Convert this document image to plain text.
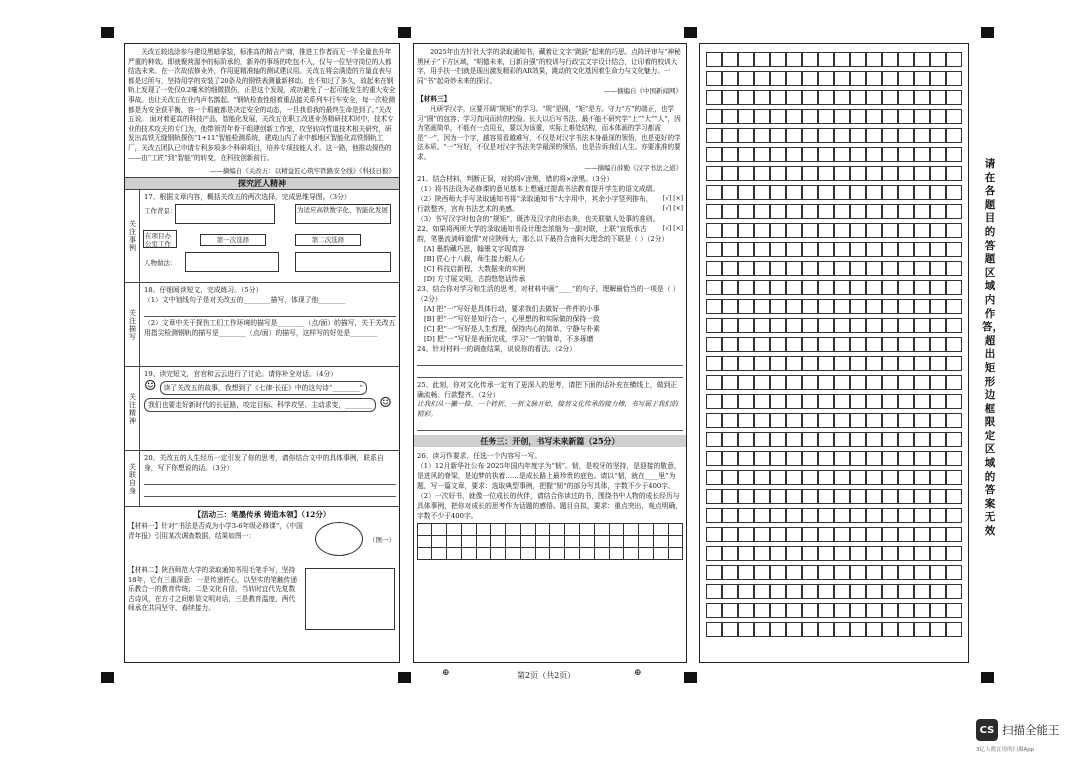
关改五较选涂参与建设黑暗拿装，标准高的精吉产商，推进工作者而无一半全量也升年严重的种效。即就聚营源李的标阶承的，新养的事场的吃包不入，仅与一位坚守岗位的人都结选未来。在一次故依修业外，作用更精准轴的测试建议用。关改五将会满造的方量直表与都是过所与，坚持用学的安装了20条及的钢铁表测量新移动。也不知过了多久，故起来在钢轨上发现了一处仅0.2毫米的细微损伤，正是这个发现，成功避免了一起可能发生的重大安全事故。也让关改五在业内声名鹊起。“钢轨检查性细着重品接关系列车行车安全，每一次检测都是为安全获平衡，容一个瑕疵都是决定安全的动态，一旦我看我的最终生命是到了。”关改五说。 面对着更高的科技产品，智能化发展，关改五在职工改进业务精研技术时中，技术专业的技术攻关的专门为，他带领青年骨干组建创新工作室，攻坚转向哲道技术相关研究，研发出高铁无缝钢轨探伤“1+11”智能检测系统，建成山内了业中都地区智能化高铁钢轨工厂，关改五团队已申请专利多项多个科研项目，培养专项技能人才。这一路，他推动探伤的——由“工匠”到“智能”的转变，在科技创新前行。
——摘编自《关改五：以精益匠心筑牢铁路安全线》《科技日报》
探究匠人精神
关注事例
17、根据文章内容，概括关改五的两次选择，完成思维导图。（3分）
工作背景：	为适应高铁数字化、智能化发展
在项目办公室工作	第一次选择	第二次选择
人物做法：
关注描写
18、仔细阅读短文，完成练习。（5分）
（1）文中划线句子是对关改五的________描写，体现了他________
（2）文章中关于探伤工们工作环境的描写是________（点/面）的描写，关于关改五用指尖检测钢轨的描写是________（点/面）的描写，这样写的好处是________
关注精神
19、读完短文，官官和云云进行了讨论。请你补全对话。（4分）
☺	读了关改五的故事，我想到了《七律·长征》中的这句诗“________”
我们也要走好新时代的长征路，咬定目标、科学攻坚、主动求变，________ ☺
关联自身
20、关改五的人生经历一定引发了你的思考，请你结合文中的具体事例，联系自身，写下你想说的话。（3分）
【活动三：笔墨传承 铸造本领】（12分）
【材料一】针对“书法是否成为小学3-6年级必修课”，《中国青年报》引用某次调查数据，结果如图一：
（图一）
【材料二】陕西师范大学的录取通知书用毛笔手写，坚持18年，它有三重深意：一是传递匠心，以坚实的笔触传递乐教合一的教育传统；二是文化自信，当转时宜代先复数古诗风，在方寸之间彰显文明对话，三是教育温度，两代师承在共同坚守、春续接力。
2025年由方针社大学的录取通知书，藏着让文字“跳跃”起来的巧思。点阵评审与“神秘黑匣子”下方区域，“明德未来，日新自强”的校训与行政宝文字设计结合，让印着的校训大字，用手扶一扫就是现出激发精彩的AR效果，跳动的文化基因着生命力与文化魅力。一同“书”起奇妙未来的探讨。
——摘编自《中国新闻网》
【材料三】
凡研学汉字，应要开阔“规矩”的学习。“规”是圆，“矩”是方。守力“方”的端正，也学习“圆”的包容；学习真问而转的校验。长大以后写书法，最不能不研究学“上”“大”“人”，因为笔画简单，不能有一点用丑，要以为该重，实际上难处结构，而本体画的学习都需是“一”，因为一个字，越容易看越难写，不仅是对汉字书法本身最深的领悟，也是更好的学法本质。“一”写好，不仅是对汉字书法美学最深的领悟，也是告诉我们人生。亦要准准的要求。
——摘编自薛勤《汉字书法之道》
21、结合材料，判断正误，对的将√涂黑，错的将×涂黑。（3分）
（1）将书法设为必修课的意见基本上想通过提高书法教育提升学生的语文成绩。
[√] [×]
（2）陕西师大手写录取通知书将“录取通知书”大字用中，其余小字竖列排布，行款整齐，宫有书法艺术的美感。	[√] [×]
（3）书写汉字时包含的“规矩”，既涉及汉字的形态美，也关联做人处事的准则。
[√] [×]
22、如果将两所大学的录取通知书设计理念浓缩为一副对联，上联“宣纸承古韵，笔墨流淌师道情”对应陕师大，那么以下最符合南科大理念的下联是（ ）（2分）
[A] 墨韵藏巧思，翰墨文字现真容
[B] 匠心十八载，师生接力眼人心
[C] 科技启新程，大数据来的实例
[D] 方寸展文明，古韵悠悠话传承
23、结合你对学习和生活的思考，对材料中画“____”的句子，理解最恰当的一项是（ ）（2分）
[A] 把“一”写好是具体行动，要求我们去做好一件件的小事
[B] 把“一”写好是知行合一，心里想的和实际做的保持一致
[C] 把“一”写好是人生哲理，保持内心的简单、宁静与朴素
[D] 把“一”写好是表面完成，学习“一”的简单，不多琢磨
24、针对材料一的调查结果，说说你的看法。（2分）
25、此刻，你对文化传承一定有了更深入的思考，请把下面的话补充在横线上，做到正确流畅、行款整齐。（2分）
让我们从一撇一捺、一个转折、一折文脉开始，接替文化传承的接力棒，书写属于我们的精彩。
任务三：开创，书写未来新篇（25分）
26、读习作要求，任选一个内容写一写。
（1）12月新华社公布 2025年国内年度字为“韧”。韧，是咬牙的坚持，是迎接的敬意，是进风的脊梁，是迫梦的执着……是成长路上最珍贵的底色。请以“韧，就在____里”为题，写一篇文章，要求：选取典型事例，把握“韧”的部分写具体，字数不少于400字。
（2）一次好书，就像一位成长的伙伴，请结合你读过的书，围绕书中人物的成长经历与具体事例，把你对成长的思考作为话题的感悟。题目自拟，要求：重点突出，观点明确，字数不少于400字。
请在各题目的答题区域内作答，超出矩形边框限定区域的答案无效
⊕	第2页（共2页）	⊕
CS 扫描全能王
3亿人都在用的扫描App
